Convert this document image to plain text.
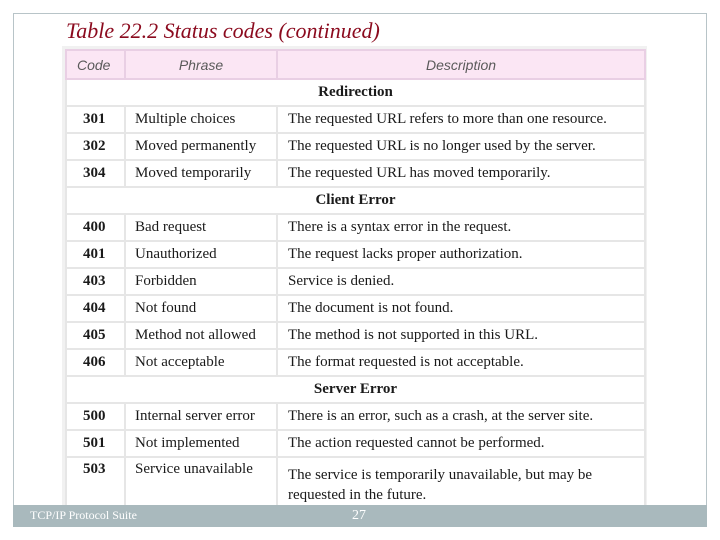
Table 22.2 Status codes (continued)
Code	Phrase	Description
Redirection		
301	Multiple choices	The requested URL refers to more than one resource.
302	Moved permanently	The requested URL is no longer used by the server.
304	Moved temporarily	The requested URL has moved temporarily.
Client Error		
400	Bad request	There is a syntax error in the request.
401	Unauthorized	The request lacks proper authorization.
403	Forbidden	Service is denied.
404	Not found	The document is not found.
405	Method not allowed	The method is not supported in this URL.
406	Not acceptable	The format requested is not acceptable.
Server Error		
500	Internal server error	There is an error, such as a crash, at the server site.
501	Not implemented	The action requested cannot be performed.
503	Service unavailable	The service is temporarily unavailable, but may be requested in the future.
TCP/IP Protocol Suite	27
